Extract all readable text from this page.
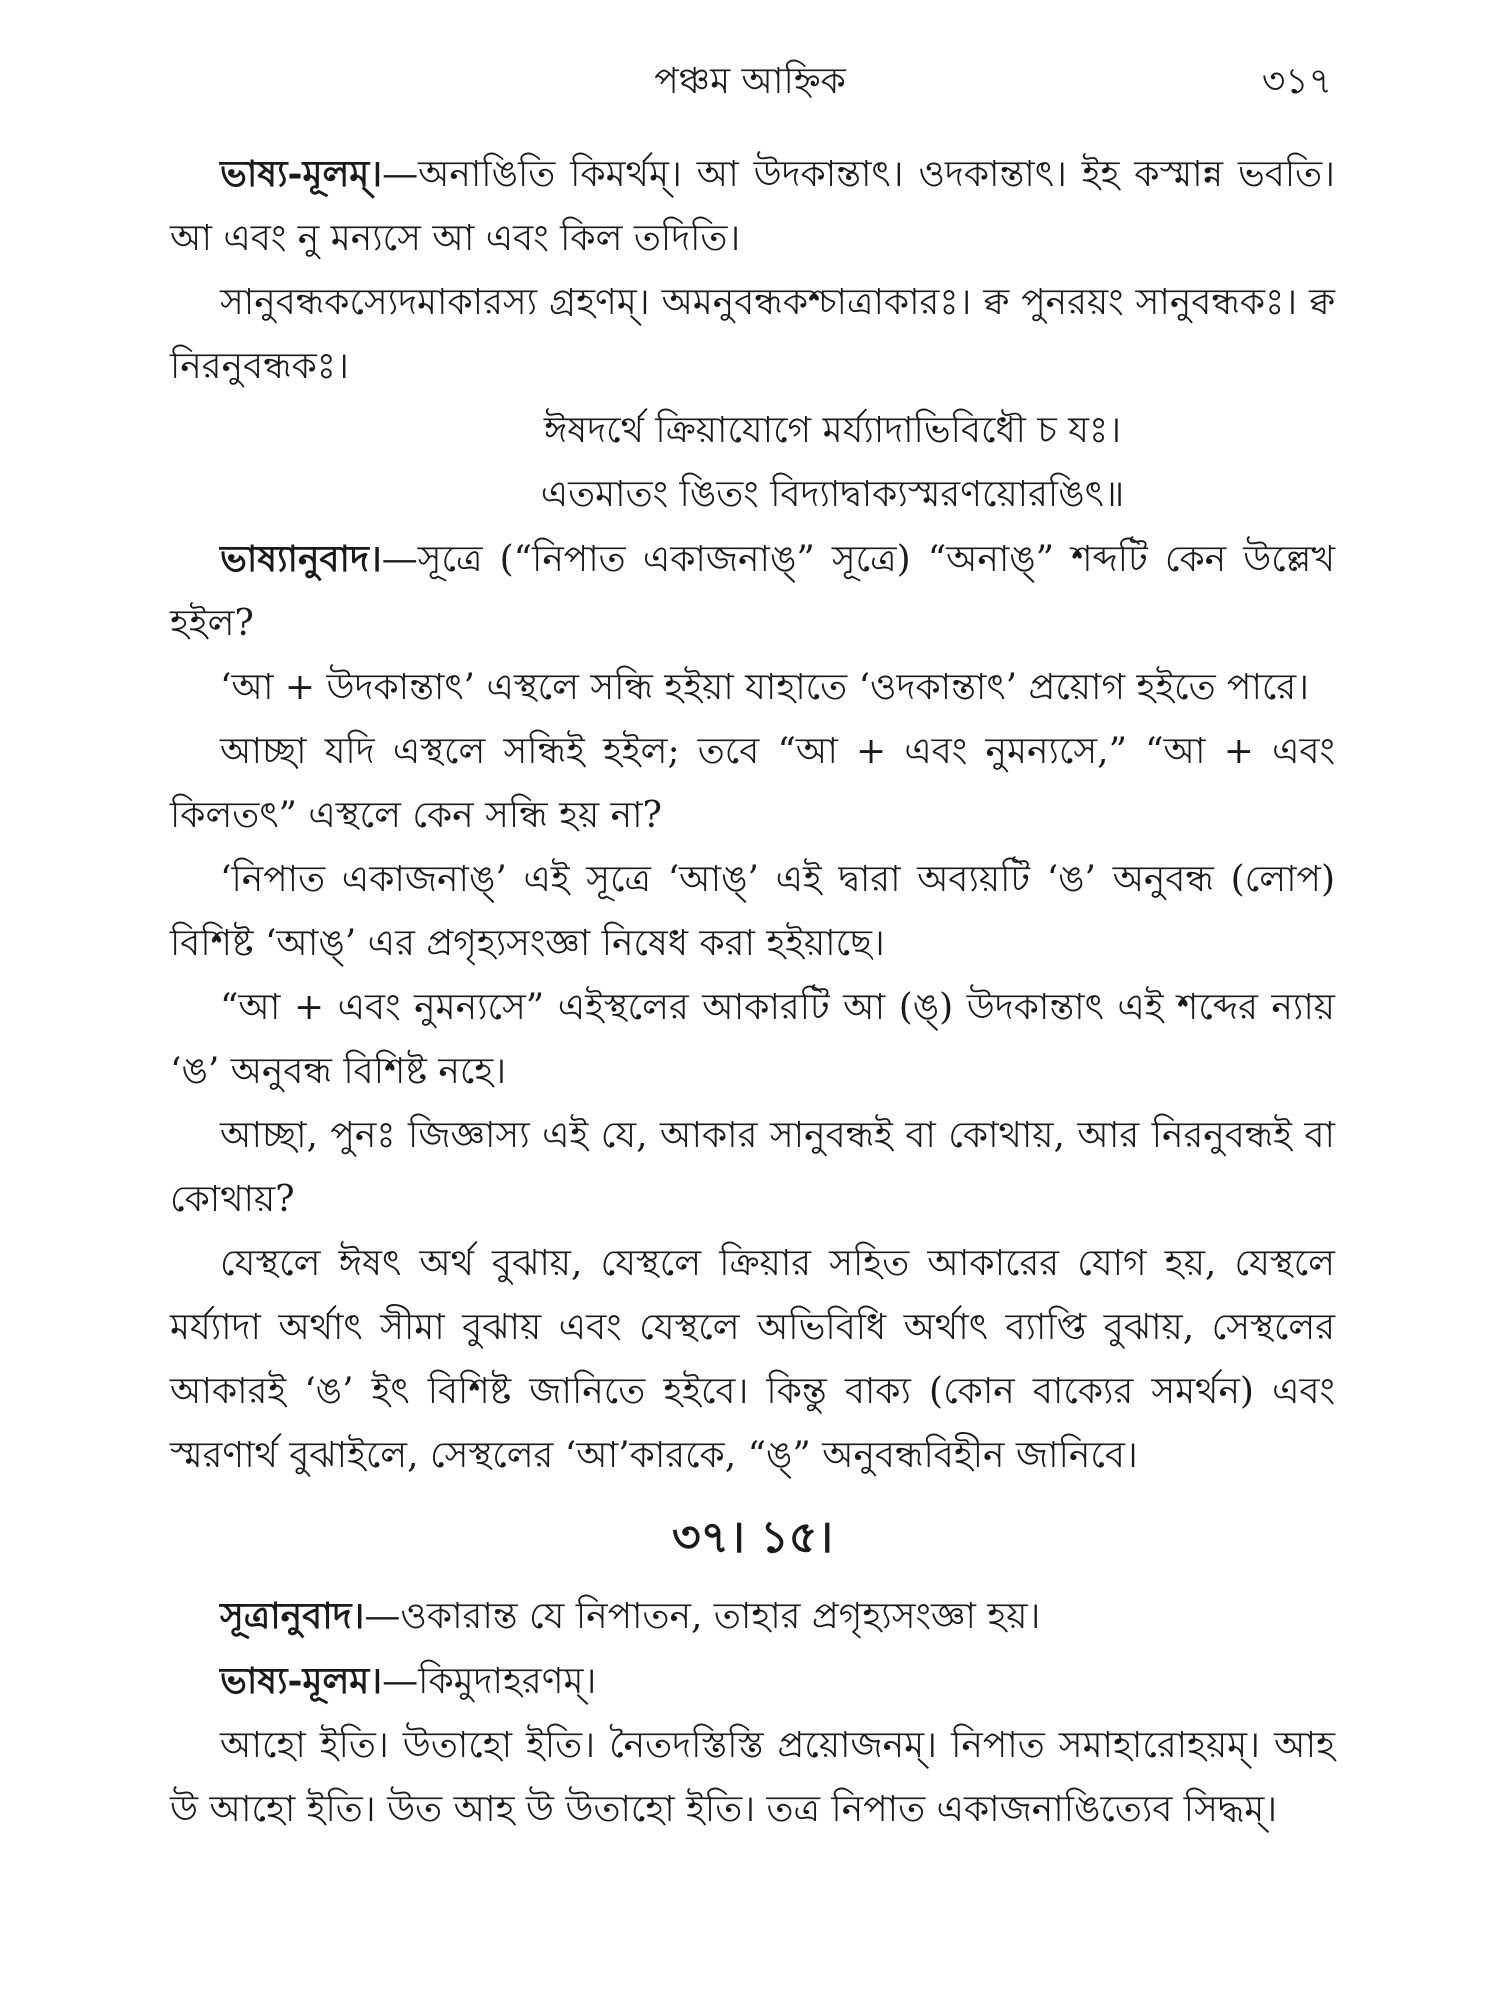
পঞ্চম আহ্নিক	৩১৭

ভাষ্য-মূলম্।—অনাঙিতি কিমর্থম্। আ উদকান্তাৎ। ওদকান্তাৎ। ইহ কস্মান্ন ভবতি। আ এবং নু মন্যসে আ এবং কিল তদিতি।

সানুবন্ধকস্যেদমাকারস্য গ্রহণম্। অমনুবন্ধকশ্চাত্রাকারঃ। ক্ব পুনরয়ং সানুবন্ধকঃ। ক্ব নিরনুবন্ধকঃ।

ঈষদর্থে ক্রিয়াযোগে মর্য্যাদাভিবিধৌ চ যঃ।

এতমাতং ঙিতং বিদ্যাদ্বাক্যস্মরণয়োরঙিৎ॥

ভাষ্যানুবাদ।—সূত্রে (“নিপাত একাজনাঙ্” সূত্রে) “অনাঙ্” শব্দটি কেন উল্লেখ হইল?

‘আ + উদকান্তাৎ’ এস্থলে সন্ধি হইয়া যাহাতে ‘ওদকান্তাৎ’ প্রয়োগ হইতে পারে।

আচ্ছা যদি এস্থলে সন্ধিই হইল; তবে “আ + এবং নুমন্যসে,” “আ + এবং কিলতৎ” এস্থলে কেন সন্ধি হয় না?

‘নিপাত একাজনাঙ্’ এই সূত্রে ‘আঙ্’ এই দ্বারা অব্যয়টি ‘ঙ’ অনুবন্ধ (লোপ) বিশিষ্ট ‘আঙ্’ এর প্রগৃহ্যসংজ্ঞা নিষেধ করা হইয়াছে।

“আ + এবং নুমন্যসে” এইস্থলের আকারটি আ (ঙ্) উদকান্তাৎ এই শব্দের ন্যায় ‘ঙ’ অনুবন্ধ বিশিষ্ট নহে।

আচ্ছা, পুনঃ জিজ্ঞাস্য এই যে, আকার সানুবন্ধই বা কোথায়, আর নিরনুবন্ধই বা কোথায়?

যেস্থলে ঈষৎ অর্থ বুঝায়, যেস্থলে ক্রিয়ার সহিত আকারের যোগ হয়, যেস্থলে মর্য্যাদা অর্থাৎ সীমা বুঝায় এবং যেস্থলে অভিবিধি অর্থাৎ ব্যাপ্তি বুঝায়, সেস্থলের আকারই ‘ঙ’ ইৎ বিশিষ্ট জানিতে হইবে। কিন্তু বাক্য (কোন বাক্যের সমর্থন) এবং স্মরণার্থ বুঝাইলে, সেস্থলের ‘আ’কারকে, “ঙ্” অনুবন্ধবিহীন জানিবে।

৩৭। ১৫।

সূত্রানুবাদ।—ওকারান্ত যে নিপাতন, তাহার প্রগৃহ্যসংজ্ঞা হয়।

ভাষ্য-মূলম।—কিমুদাহরণম্।

আহো ইতি। উতাহো ইতি। নৈতদস্তিস্তি প্রয়োজনম্। নিপাত সমাহারোহয়ম্। আহ উ আহো ইতি। উত আহ উ উতাহো ইতি। তত্র নিপাত একাজনাঙিত্যেব সিদ্ধম্।
